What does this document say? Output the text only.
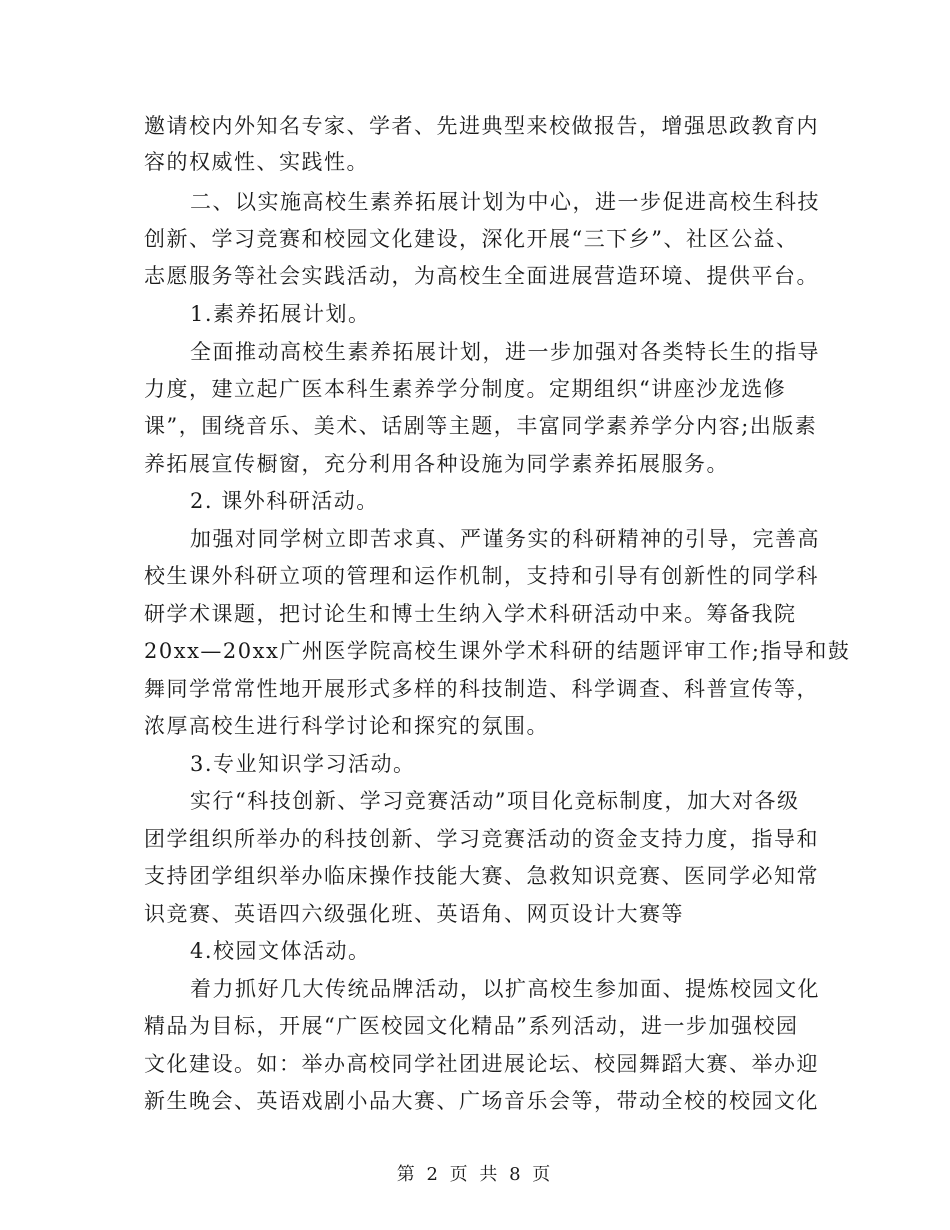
邀请校内外知名专家、学者、先进典型来校做报告，增强思政教育内
容的权威性、实践性。
二、以实施高校生素养拓展计划为中心，进一步促进高校生科技
创新、学习竞赛和校园文化建设，深化开展“三下乡”、社区公益、
志愿服务等社会实践活动，为高校生全面进展营造环境、提供平台。
1.素养拓展计划。
全面推动高校生素养拓展计划，进一步加强对各类特长生的指导
力度，建立起广医本科生素养学分制度。定期组织“讲座沙龙选修
课”，围绕音乐、美术、话剧等主题，丰富同学素养学分内容;出版素
养拓展宣传橱窗，充分利用各种设施为同学素养拓展服务。
2. 课外科研活动。
加强对同学树立即苦求真、严谨务实的科研精神的引导，完善高
校生课外科研立项的管理和运作机制，支持和引导有创新性的同学科
研学术课题，把讨论生和博士生纳入学术科研活动中来。筹备我院
20xx—20xx广州医学院高校生课外学术科研的结题评审工作;指导和鼓
舞同学常常性地开展形式多样的科技制造、科学调查、科普宣传等，
浓厚高校生进行科学讨论和探究的氛围。
3.专业知识学习活动。
实行“科技创新、学习竞赛活动”项目化竞标制度，加大对各级
团学组织所举办的科技创新、学习竞赛活动的资金支持力度，指导和
支持团学组织举办临床操作技能大赛、急救知识竞赛、医同学必知常
识竞赛、英语四六级强化班、英语角、网页设计大赛等
4.校园文体活动。
着力抓好几大传统品牌活动，以扩高校生参加面、提炼校园文化
精品为目标，开展“广医校园文化精品”系列活动，进一步加强校园
文化建设。如：举办高校同学社团进展论坛、校园舞蹈大赛、举办迎
新生晚会、英语戏剧小品大赛、广场音乐会等，带动全校的校园文化
第 2 页 共 8 页
